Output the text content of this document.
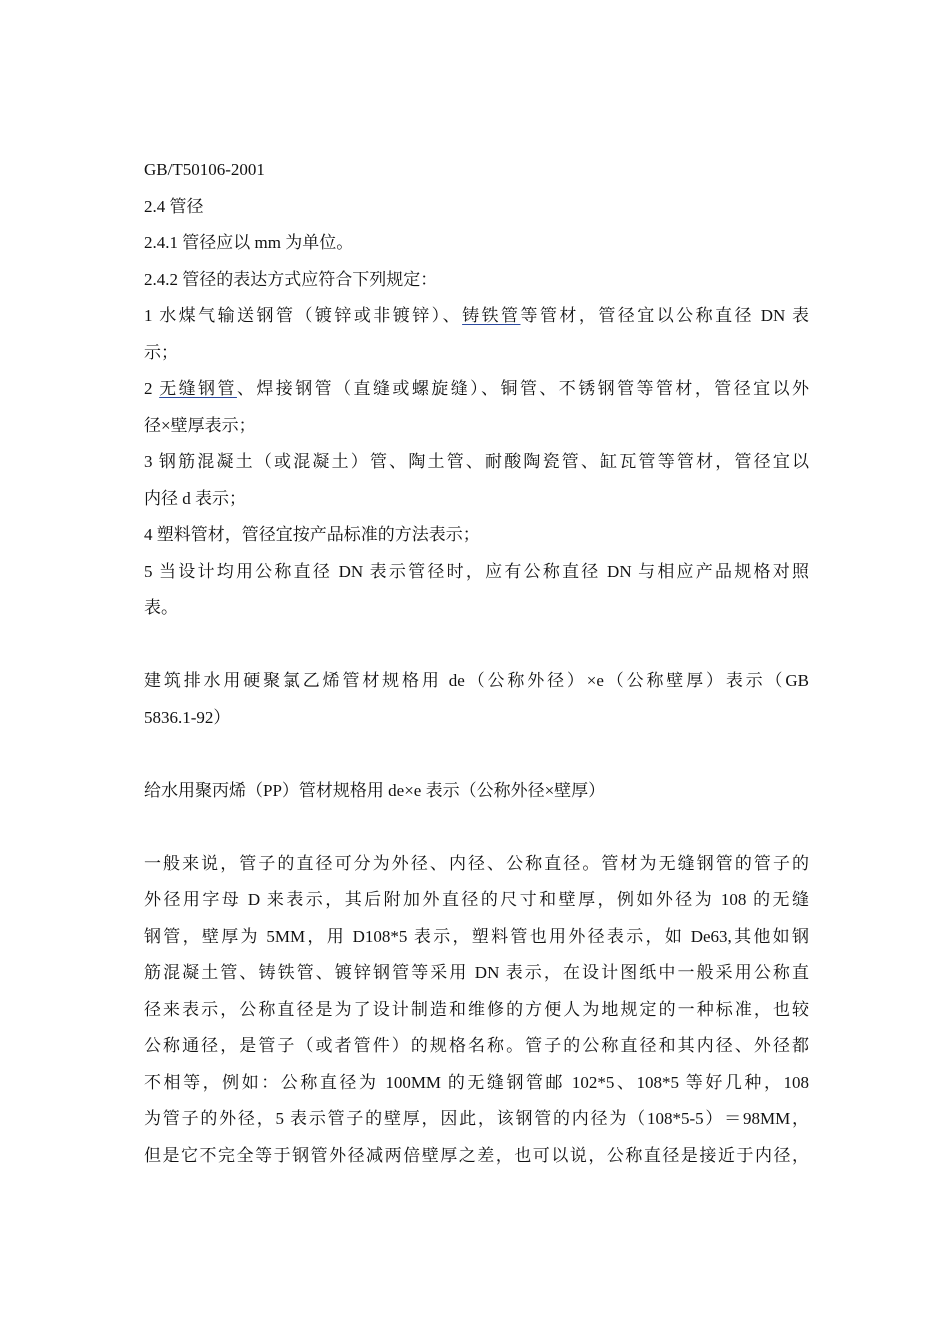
GB/T50106-2001
2.4 管径
2.4.1 管径应以 mm 为单位。
2.4.2 管径的表达方式应符合下列规定：
1 水煤气输送钢管（镀锌或非镀锌）、铸铁管等管材，管径宜以公称直径 DN 表
示；
2 无缝钢管、焊接钢管（直缝或螺旋缝）、铜管、不锈钢管等管材，管径宜以外
径×壁厚表示；
3 钢筋混凝土（或混凝土）管、陶土管、耐酸陶瓷管、缸瓦管等管材，管径宜以
内径 d 表示；
4 塑料管材，管径宜按产品标准的方法表示；
5 当设计均用公称直径 DN 表示管径时，应有公称直径 DN 与相应产品规格对照
表。
建筑排水用硬聚氯乙烯管材规格用 de（公称外径）×e（公称壁厚）表示（GB
5836.1-92）
给水用聚丙烯（PP）管材规格用 de×e 表示（公称外径×壁厚）
一般来说，管子的直径可分为外径、内径、公称直径。管材为无缝钢管的管子的
外径用字母 D 来表示，其后附加外直径的尺寸和壁厚，例如外径为 108 的无缝
钢管，壁厚为 5MM，用 D108*5 表示，塑料管也用外径表示，如 De63,其他如钢
筋混凝土管、铸铁管、镀锌钢管等采用 DN 表示，在设计图纸中一般采用公称直
径来表示，公称直径是为了设计制造和维修的方便人为地规定的一种标准，也较
公称通径，是管子（或者管件）的规格名称。管子的公称直径和其内径、外径都
不相等，例如：公称直径为 100MM 的无缝钢管邮 102*5、108*5 等好几种，108
为管子的外径，5 表示管子的壁厚，因此，该钢管的内径为（108*5-5）＝98MM，
但是它不完全等于钢管外径减两倍壁厚之差，也可以说，公称直径是接近于内径，
